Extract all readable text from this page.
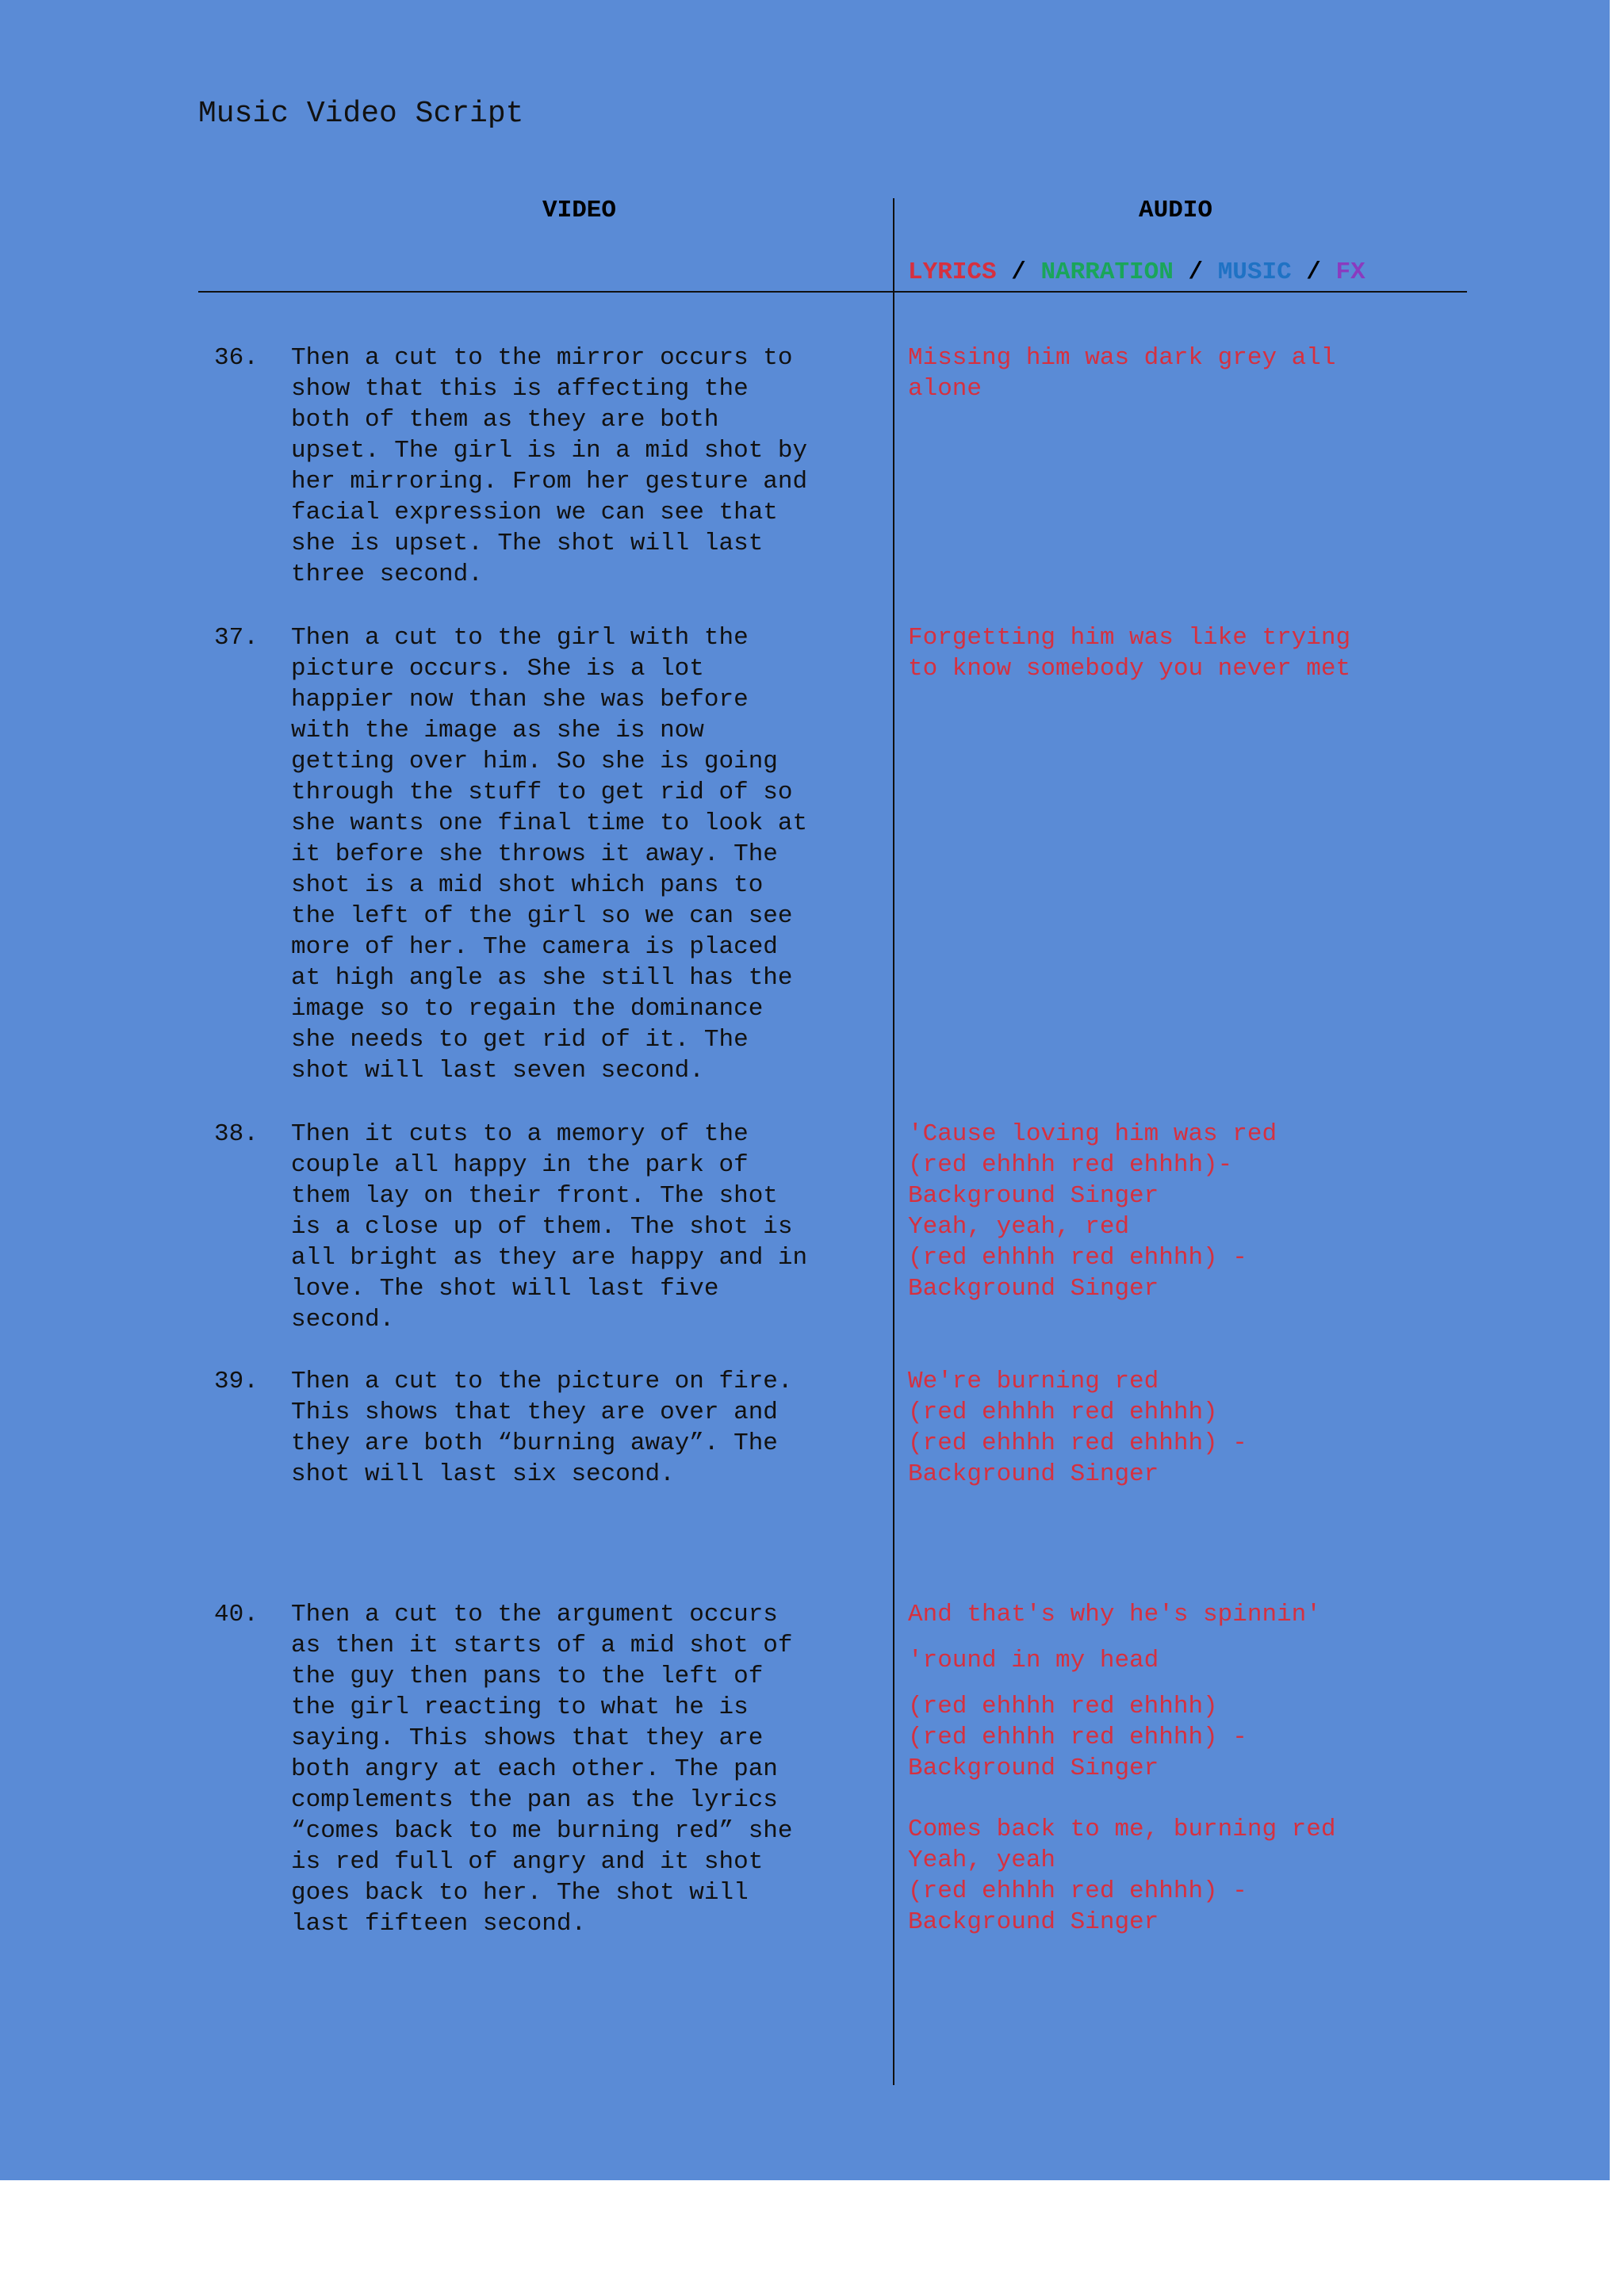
Music Video Script
VIDEO	AUDIO
LYRICS / NARRATION / MUSIC / FX
36. Then a cut to the mirror occurs to
show that this is affecting the
both of them as they are both
upset. The girl is in a mid shot by
her mirroring. From her gesture and
facial expression we can see that
she is upset. The shot will last
three second.
Missing him was dark grey all
alone
37. Then a cut to the girl with the
picture occurs. She is a lot
happier now than she was before
with the image as she is now
getting over him. So she is going
through the stuff to get rid of so
she wants one final time to look at
it before she throws it away. The
shot is a mid shot which pans to
the left of the girl so we can see
more of her. The camera is placed
at high angle as she still has the
image so to regain the dominance
she needs to get rid of it. The
shot will last seven second.
Forgetting him was like trying
to know somebody you never met
38. Then it cuts to a memory of the
couple all happy in the park of
them lay on their front. The shot
is a close up of them. The shot is
all bright as they are happy and in
love. The shot will last five
second.
'Cause loving him was red
(red ehhhh red ehhhh)-
Background Singer
Yeah, yeah, red
(red ehhhh red ehhhh) -
Background Singer
39. Then a cut to the picture on fire.
This shows that they are over and
they are both “burning away”. The
shot will last six second.
We're burning red
(red ehhhh red ehhhh)
(red ehhhh red ehhhh) -
Background Singer
40. Then a cut to the argument occurs
as then it starts of a mid shot of
the guy then pans to the left of
the girl reacting to what he is
saying. This shows that they are
both angry at each other. The pan
complements the pan as the lyrics
“comes back to me burning red” she
is red full of angry and it shot
goes back to her. The shot will
last fifteen second.
And that's why he's spinnin'
'round in my head
(red ehhhh red ehhhh)
(red ehhhh red ehhhh) -
Background Singer
Comes back to me, burning red
Yeah, yeah
(red ehhhh red ehhhh) -
Background Singer
